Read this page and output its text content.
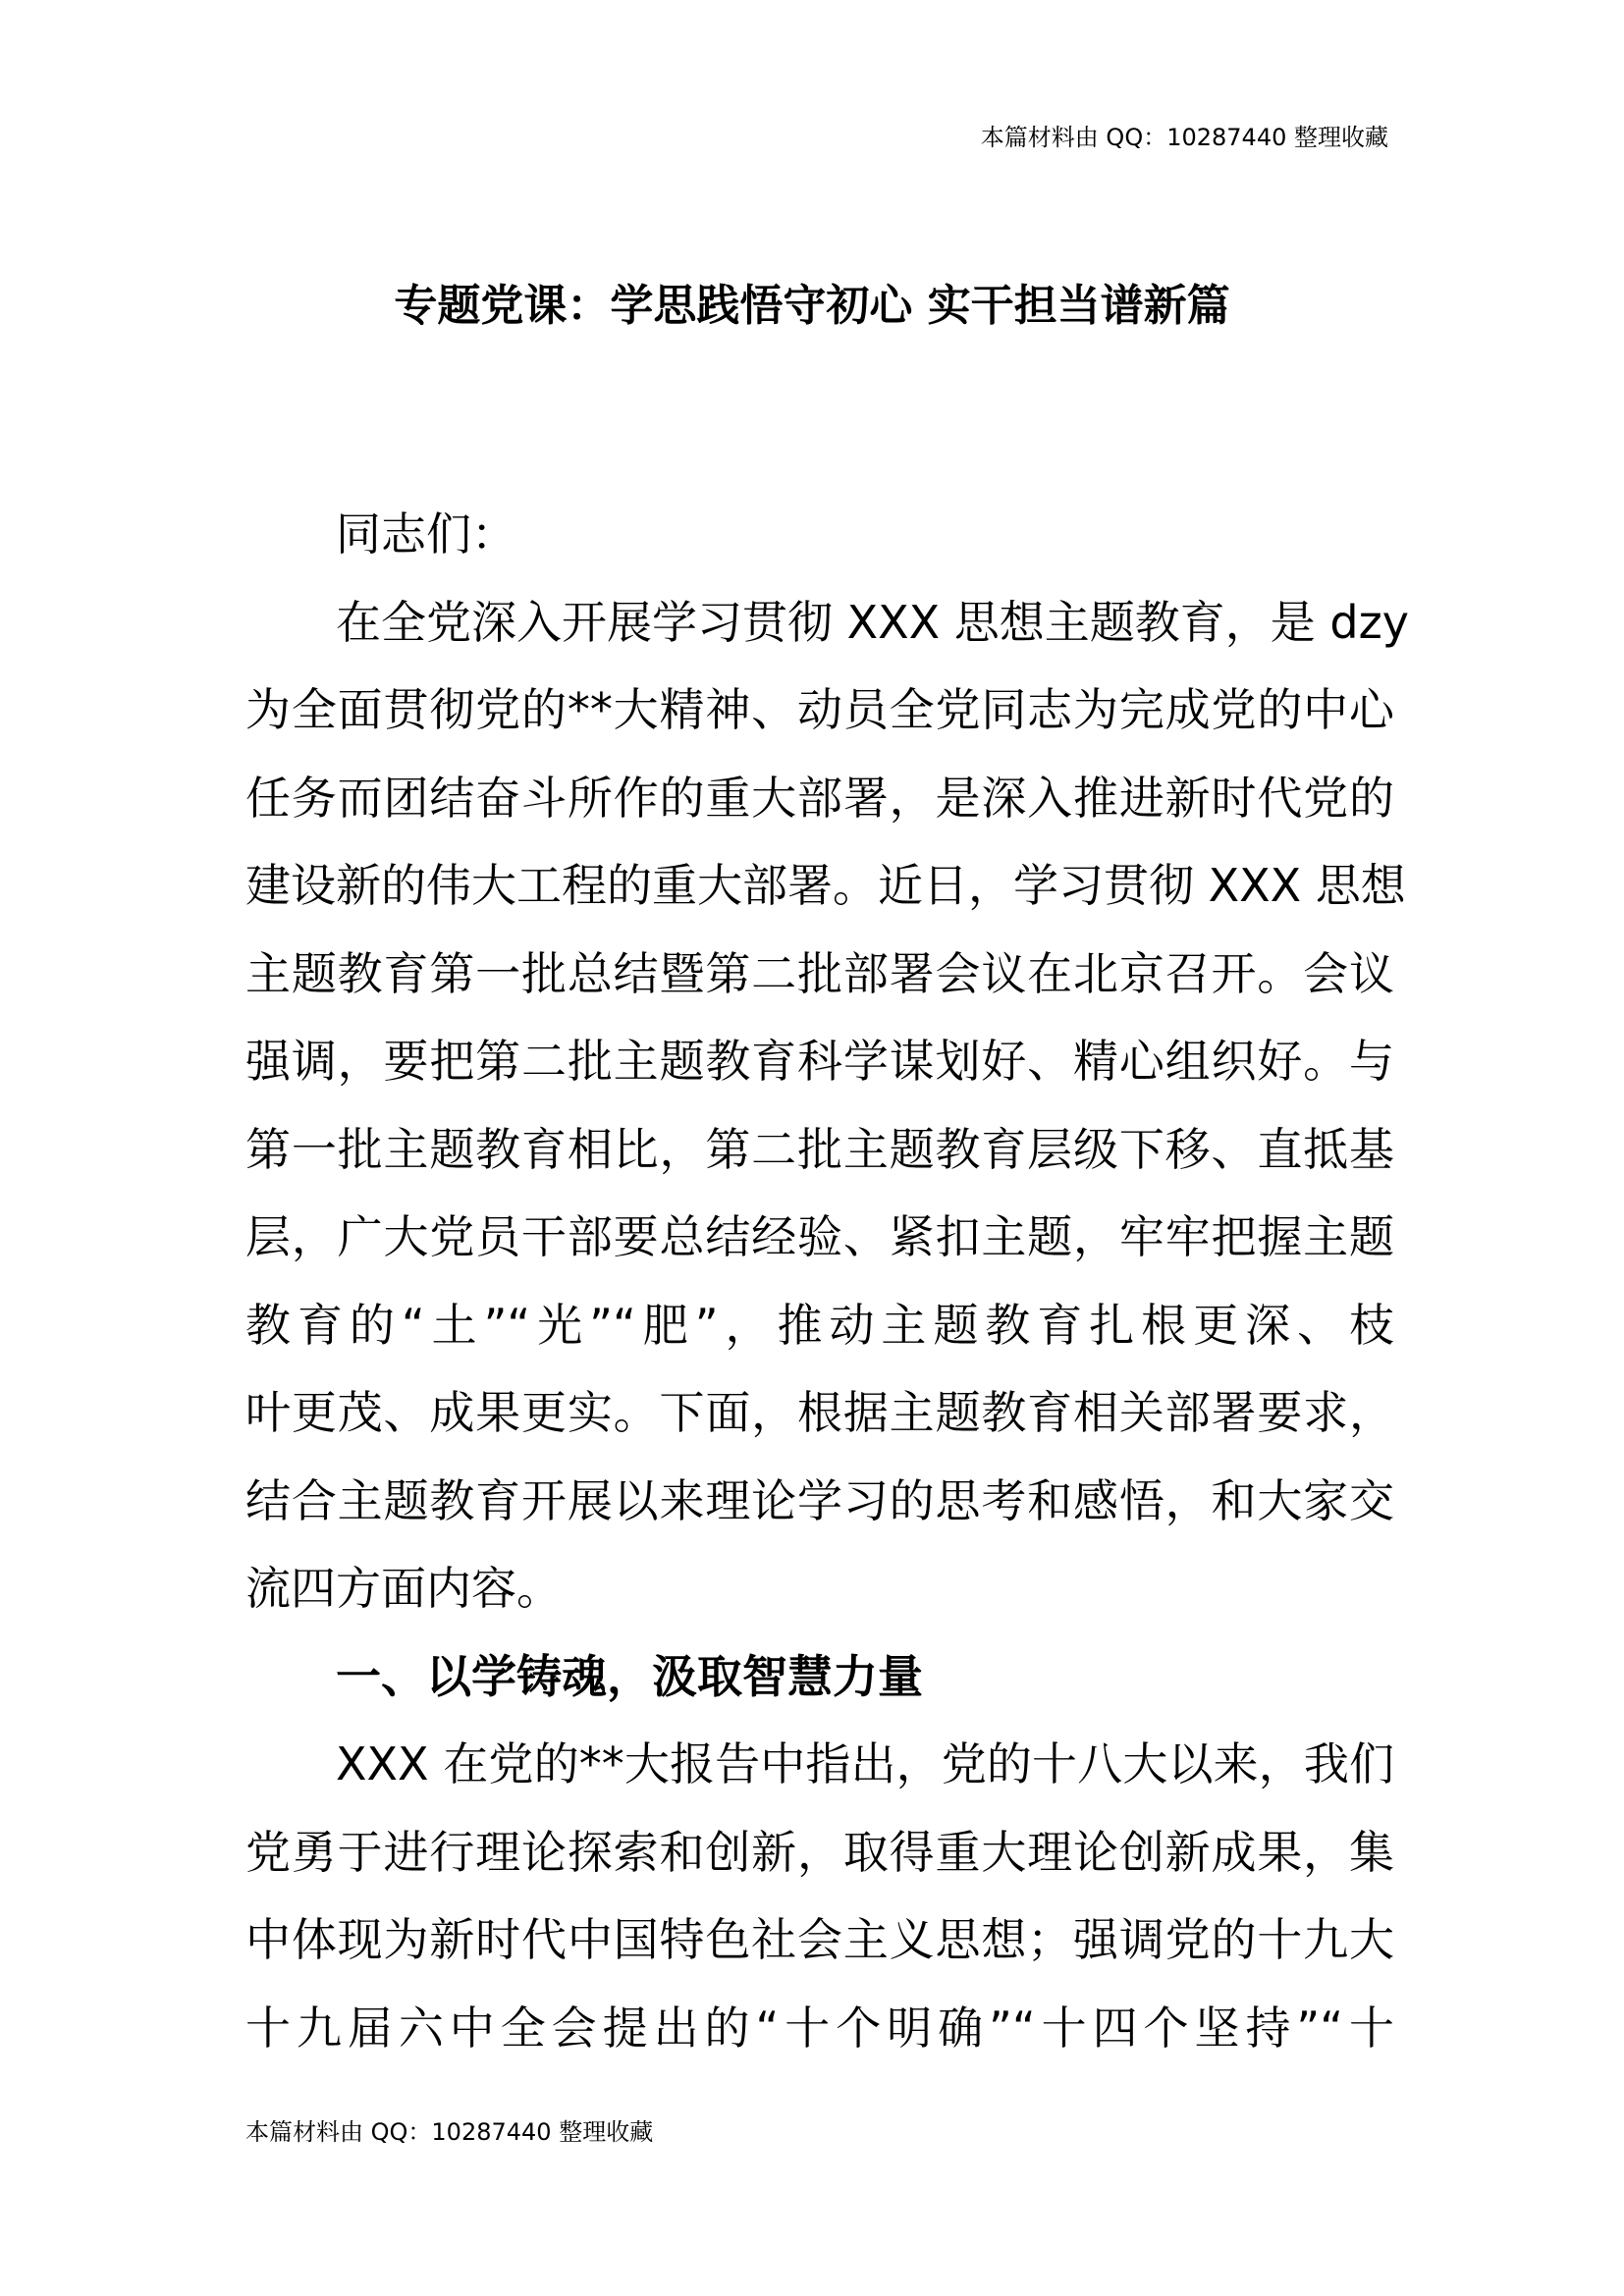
本篇材料由 QQ：10287440 整理收藏
专题党课：学思践悟守初心 实干担当谱新篇
同志们：
在全党深入开展学习贯彻 XXX 思想主题教育，是 dzy
为全面贯彻党的**大精神、动员全党同志为完成党的中心
任务而团结奋斗所作的重大部署，是深入推进新时代党的
建设新的伟大工程的重大部署。近日，学习贯彻 XXX 思想
主题教育第一批总结暨第二批部署会议在北京召开。会议
强调，要把第二批主题教育科学谋划好、精心组织好。与
第一批主题教育相比，第二批主题教育层级下移、直抵基
层，广大党员干部要总结经验、紧扣主题，牢牢把握主题
教育的“土”“光”“肥”，推动主题教育扎根更深、枝
叶更茂、成果更实。下面，根据主题教育相关部署要求，
结合主题教育开展以来理论学习的思考和感悟，和大家交
流四方面内容。
一、以学铸魂，汲取智慧力量
XXX 在党的**大报告中指出，党的十八大以来，我们
党勇于进行理论探索和创新，取得重大理论创新成果，集
中体现为新时代中国特色社会主义思想；强调党的十九大
十九届六中全会提出的“十个明确”“十四个坚持”“十
本篇材料由 QQ：10287440 整理收藏
